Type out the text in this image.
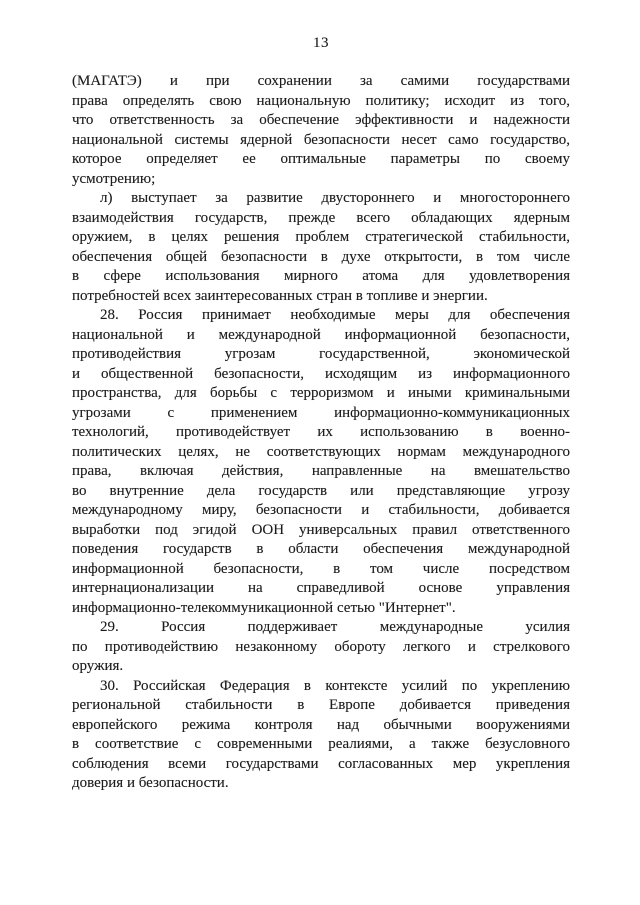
13
(МАГАТЭ) и при сохранении за самими государствами
права определять свою национальную политику; исходит из того,
что ответственность за обеспечение эффективности и надежности
национальной системы ядерной безопасности несет само государство,
которое определяет ее оптимальные параметры по своему
усмотрению;
л) выступает за развитие двустороннего и многостороннего
взаимодействия государств, прежде всего обладающих ядерным
оружием, в целях решения проблем стратегической стабильности,
обеспечения общей безопасности в духе открытости, в том числе
в сфере использования мирного атома для удовлетворения
потребностей всех заинтересованных стран в топливе и энергии.
28. Россия принимает необходимые меры для обеспечения
национальной и международной информационной безопасности,
противодействия угрозам государственной, экономической
и общественной безопасности, исходящим из информационного
пространства, для борьбы с терроризмом и иными криминальными
угрозами с применением информационно-коммуникационных
технологий, противодействует их использованию в военно-
политических целях, не соответствующих нормам международного
права, включая действия, направленные на вмешательство
во внутренние дела государств или представляющие угрозу
международному миру, безопасности и стабильности, добивается
выработки под эгидой ООН универсальных правил ответственного
поведения государств в области обеспечения международной
информационной безопасности, в том числе посредством
интернационализации на справедливой основе управления
информационно-телекоммуникационной сетью "Интернет".
29. Россия поддерживает международные усилия
по противодействию незаконному обороту легкого и стрелкового
оружия.
30. Российская Федерация в контексте усилий по укреплению
региональной стабильности в Европе добивается приведения
европейского режима контроля над обычными вооружениями
в соответствие с современными реалиями, а также безусловного
соблюдения всеми государствами согласованных мер укрепления
доверия и безопасности.
